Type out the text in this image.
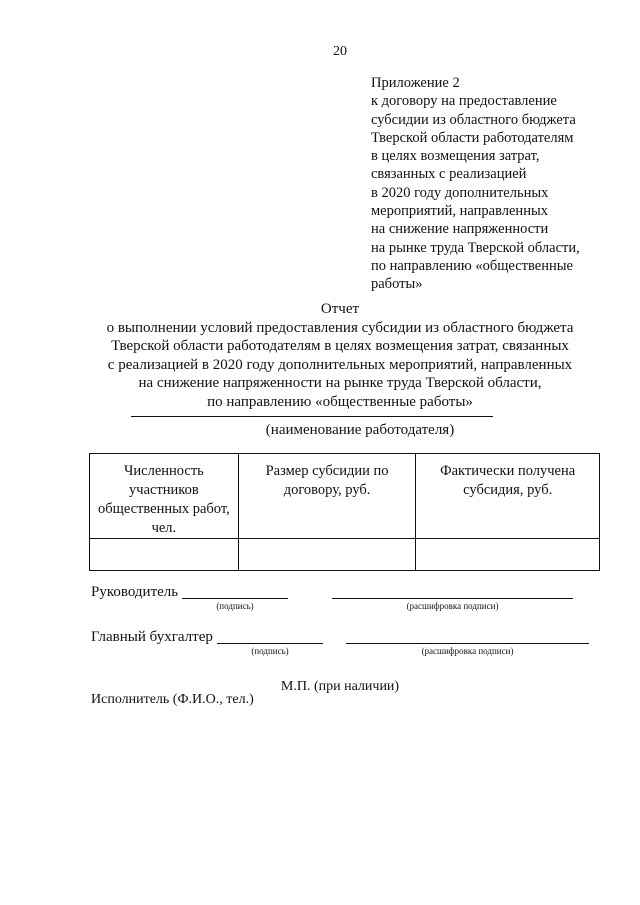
20
Приложение 2
к договору на предоставление
субсидии из областного бюджета
Тверской области работодателям
в целях возмещения затрат,
связанных с реализацией
в 2020 году дополнительных
мероприятий, направленных
на снижение напряженности
на рынке труда Тверской области,
по направлению «общественные
работы»
Отчет
о выполнении условий предоставления субсидии из областного бюджета
Тверской области работодателям в целях возмещения затрат, связанных
с реализацией в 2020 году дополнительных мероприятий, направленных
на снижение напряженности на рынке труда Тверской области,
по направлению «общественные работы»
(наименование работодателя)
Численность участников общественных работ, чел.	Размер субсидии по договору, руб.	Фактически получена субсидия, руб.

Руководитель
(подпись)	(расшифровка подписи)
Главный бухгалтер
(подпись)	(расшифровка подписи)
М.П. (при наличии)
Исполнитель (Ф.И.О., тел.)
